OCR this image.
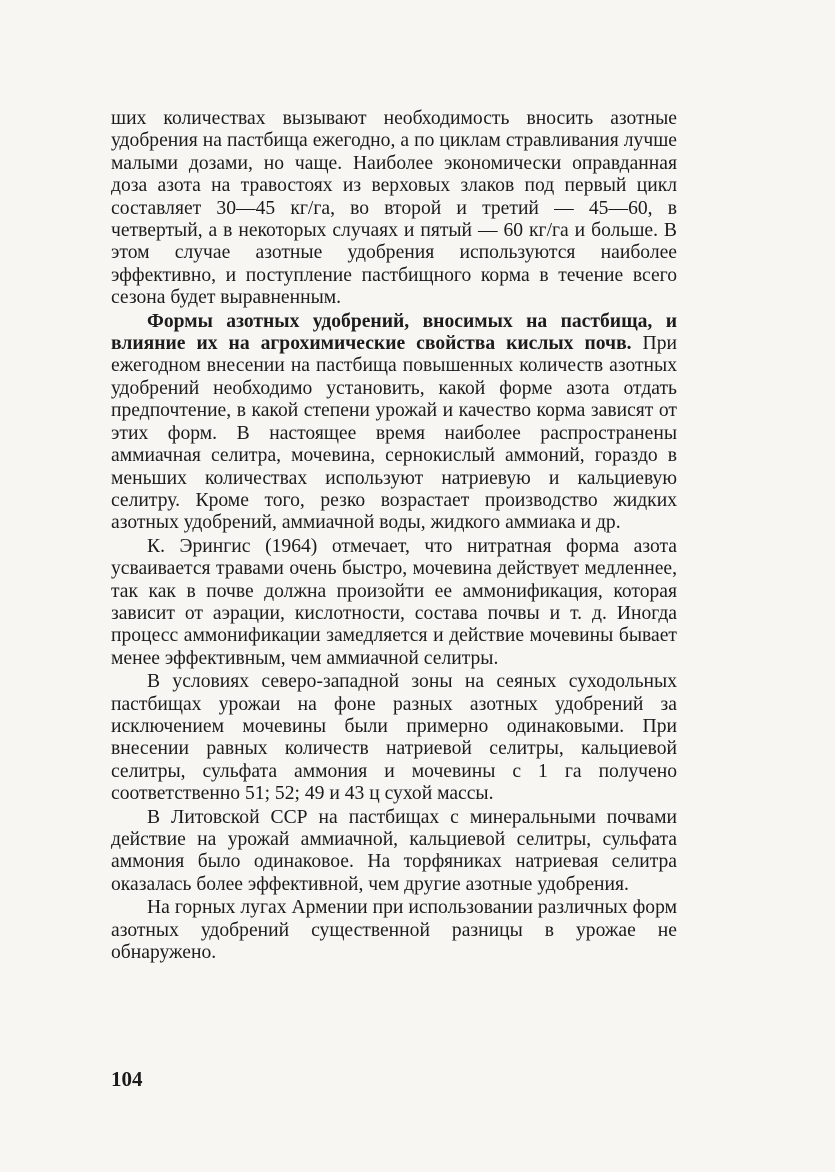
ших количествах вызывают необходимость вносить азотные удобрения на пастбища ежегодно, а по циклам стравливания лучше малыми дозами, но чаще. Наиболее экономически оправданная доза азота на травостоях из верховых злаков под первый цикл составляет 30—45 кг/га, во второй и третий — 45—60, в четвертый, а в некоторых случаях и пятый — 60 кг/га и больше. В этом случае азотные удобрения используются наиболее эффективно, и поступление пастбищного корма в течение всего сезона будет выравненным.

Формы азотных удобрений, вносимых на пастбища, и влияние их на агрохимические свойства кислых почв. При ежегодном внесении на пастбища повышенных количеств азотных удобрений необходимо установить, какой форме азота отдать предпочтение, в какой степени урожай и качество корма зависят от этих форм. В настоящее время наиболее распространены аммиачная селитра, мочевина, сернокислый аммоний, гораздо в меньших количествах используют натриевую и кальциевую селитру. Кроме того, резко возрастает производство жидких азотных удобрений, аммиачной воды, жидкого аммиака и др.

К. Эрингис (1964) отмечает, что нитратная форма азота усваивается травами очень быстро, мочевина действует медленнее, так как в почве должна произойти ее аммонификация, которая зависит от аэрации, кислотности, состава почвы и т. д. Иногда процесс аммонификации замедляется и действие мочевины бывает менее эффективным, чем аммиачной селитры.

В условиях северо-западной зоны на сеяных суходольных пастбищах урожаи на фоне разных азотных удобрений за исключением мочевины были примерно одинаковыми. При внесении равных количеств натриевой селитры, кальциевой селитры, сульфата аммония и мочевины с 1 га получено соответственно 51; 52; 49 и 43 ц сухой массы.

В Литовской ССР на пастбищах с минеральными почвами действие на урожай аммиачной, кальциевой селитры, сульфата аммония было одинаковое. На торфяниках натриевая селитра оказалась более эффективной, чем другие азотные удобрения.

На горных лугах Армении при использовании различных форм азотных удобрений существенной разницы в урожае не обнаружено.

104
